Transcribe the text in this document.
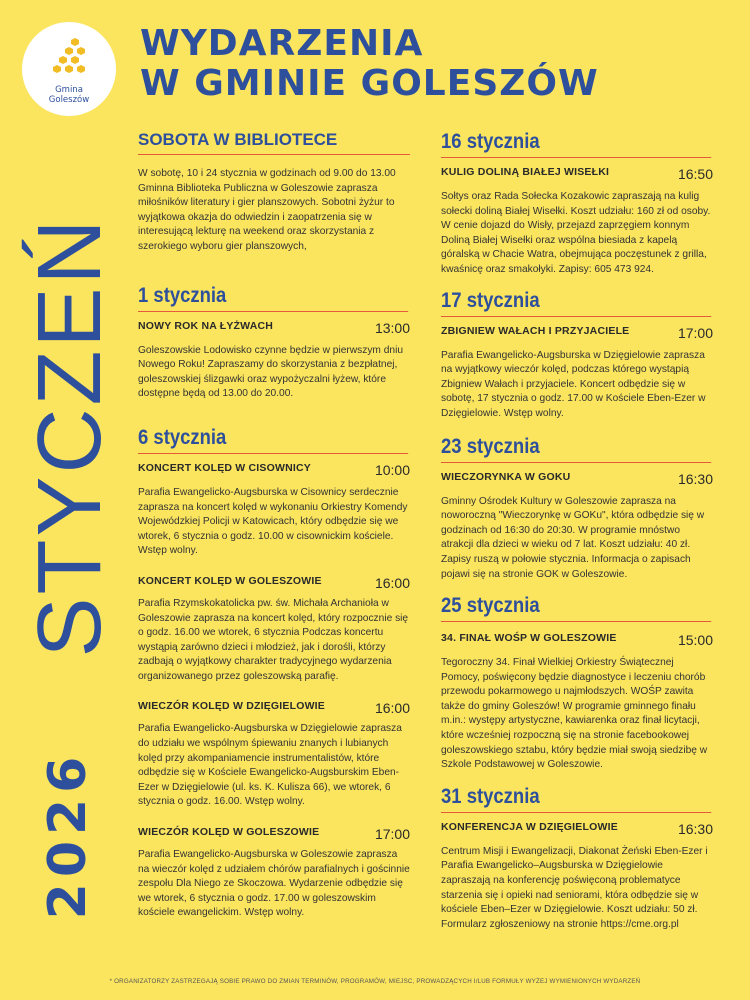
Gmina
Goleszów
WYDARZENIA
W GMINIE GOLESZÓW
STYCZEŃ
2026
SOBOTA W BIBLIOTECE

W sobotę, 10 i 24 stycznia w godzinach od 9.00 do 13.00 Gminna Biblioteka Publiczna w Goleszowie zaprasza miłośników literatury i gier planszowych. Sobotni żyżur to wyjątkowa okazja do odwiedzin i zaopatrzenia się w interesującą lekturę na weekend oraz skorzystania z szerokiego wyboru gier planszowych,

1 stycznia
NOWY ROK NA ŁYŻWACH	13:00

Goleszowskie Lodowisko czynne będzie w pierwszym dniu Nowego Roku! Zapraszamy do skorzystania z bezpłatnej, goleszowskiej ślizgawki oraz wypożyczalni łyżew, które dostępne będą od 13.00 do 20.00.

6 stycznia
KONCERT KOLĘD W CISOWNICY	10:00

Parafia Ewangelicko-Augsburska w Cisownicy serdecznie zaprasza na koncert kolęd w wykonaniu Orkiestry Komendy Wojewódzkiej Policji w Katowicach, który odbędzie się we wtorek, 6 stycznia o godz. 10.00 w cisownickim kościele. Wstęp wolny.

KONCERT KOLĘD W GOLESZOWIE	16:00

Parafia Rzymskokatolicka pw. św. Michała Archanioła w Goleszowie zaprasza na koncert kolęd, który rozpocznie się o godz. 16.00 we wtorek, 6 stycznia Podczas koncertu wystąpią zarówno dzieci i młodzież, jak i dorośli, którzy zadbają o wyjątkowy charakter tradycyjnego wydarzenia organizowanego przez goleszowską parafię.

WIECZÓR KOLĘD W DZIĘGIELOWIE	16:00

Parafia Ewangelicko-Augsburska w Dzięgielowie zaprasza do udziału we wspólnym śpiewaniu znanych i lubianych kolęd przy akompaniamencie instrumentalistów, które odbędzie się w Kościele Ewangelicko-Augsburskim Eben-Ezer w Dzięgielowie (ul. ks. K. Kulisza 66), we wtorek, 6 stycznia o godz. 16.00. Wstęp wolny.

WIECZÓR KOLĘD W GOLESZOWIE	17:00

Parafia Ewangelicko-Augsburska w Goleszowie zaprasza na wieczór kolęd z udziałem chórów parafialnych i gościnnie zespołu Dla Niego ze Skoczowa. Wydarzenie odbędzie się we wtorek, 6 stycznia o godz. 17.00 w goleszowskim kościele ewangelickim. Wstęp wolny.

16 stycznia
KULIG DOLINĄ BIAŁEJ WISEŁKI	16:50

Sołtys oraz Rada Sołecka Kozakowic zapraszają na kulig sołecki doliną Białej Wisełki. Koszt udziału: 160 zł od osoby. W cenie dojazd do Wisły, przejazd zaprzęgiem konnym Doliną Białej Wisełki oraz wspólna biesiada z kapelą góralską w Chacie Watra, obejmująca poczęstunek z grilla, kwaśnicę oraz smakołyki. Zapisy: 605 473 924.

17 stycznia
ZBIGNIEW WAŁACH I PRZYJACIELE	17:00

Parafia Ewangelicko-Augsburska w Dzięgielowie zaprasza na wyjątkowy wieczór kolęd, podczas którego wystąpią Zbigniew Wałach i przyjaciele. Koncert odbędzie się w sobotę, 17 stycznia o godz. 17.00 w Kościele Eben-Ezer w Dzięgielowie. Wstęp wolny.

23 stycznia
WIECZORYNKA W GOKU	16:30

Gminny Ośrodek Kultury w Goleszowie zaprasza na noworoczną "Wieczorynkę w GOKu", która odbędzie się w godzinach od 16:30 do 20:30. W programie mnóstwo atrakcji dla dzieci w wieku od 7 lat. Koszt udziału: 40 zł. Zapisy ruszą w połowie stycznia. Informacja o zapisach pojawi się na stronie GOK w Goleszowie.

25 stycznia
34. FINAŁ WOŚP W GOLESZOWIE	15:00

Tegoroczny 34. Finał Wielkiej Orkiestry Świątecznej Pomocy, poświęcony będzie diagnostyce i leczeniu chorób przewodu pokarmowego u najmłodszych. WOŚP zawita także do gminy Goleszów! W programie gminnego finału m.in.: występy artystyczne, kawiarenka oraz finał licytacji, które wcześniej rozpoczną się na stronie facebookowej goleszowskiego sztabu, który będzie miał swoją siedzibę w Szkole Podstawowej w Goleszowie.

31 stycznia
KONFERENCJA W DZIĘGIELOWIE	16:30

Centrum Misji i Ewangelizacji, Diakonat Żeński Eben-Ezer i Parafia Ewangelicko–Augsburska w Dzięgielowie zapraszają na konferencję poświęconą problematyce starzenia się i opieki nad seniorami, która odbędzie się w kościele Eben–Ezer w Dzięgielowie. Koszt udziału: 50 zł. Formularz zgłoszeniowy na stronie https://cme.org.pl

* ORGANIZATORZY ZASTRZEGAJĄ SOBIE PRAWO DO ZMIAN TERMINÓW, PROGRAMÓW, MIEJSC, PROWADZĄCYCH I/LUB FORMUŁY WYŻEJ WYMIENIONYCH WYDARZEŃ
